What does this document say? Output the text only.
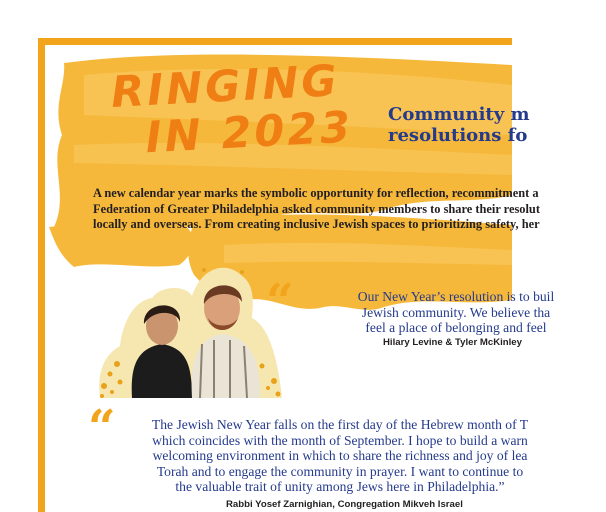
RINGING
IN 2023 Community m
resolutions fo

A new calendar year marks the symbolic opportunity for reflection, recommitment a
Federation of Greater Philadelphia asked community members to share their resolut
locally and overseas. From creating inclusive Jewish spaces to prioritizing safety, her

“	Our New Year’s resolution is to buil
Jewish community. We believe tha
feel a place of belonging and feel

Hilary Levine & Tyler McKinley

“	The Jewish New Year falls on the first day of the Hebrew month of T
which coincides with the month of September. I hope to build a warn
welcoming environment in which to share the richness and joy of lea
Torah and to engage the community in prayer. I want to continue to
the valuable trait of unity among Jews here in Philadelphia.”

Rabbi Yosef Zarnighian, Congregation Mikveh Israel
